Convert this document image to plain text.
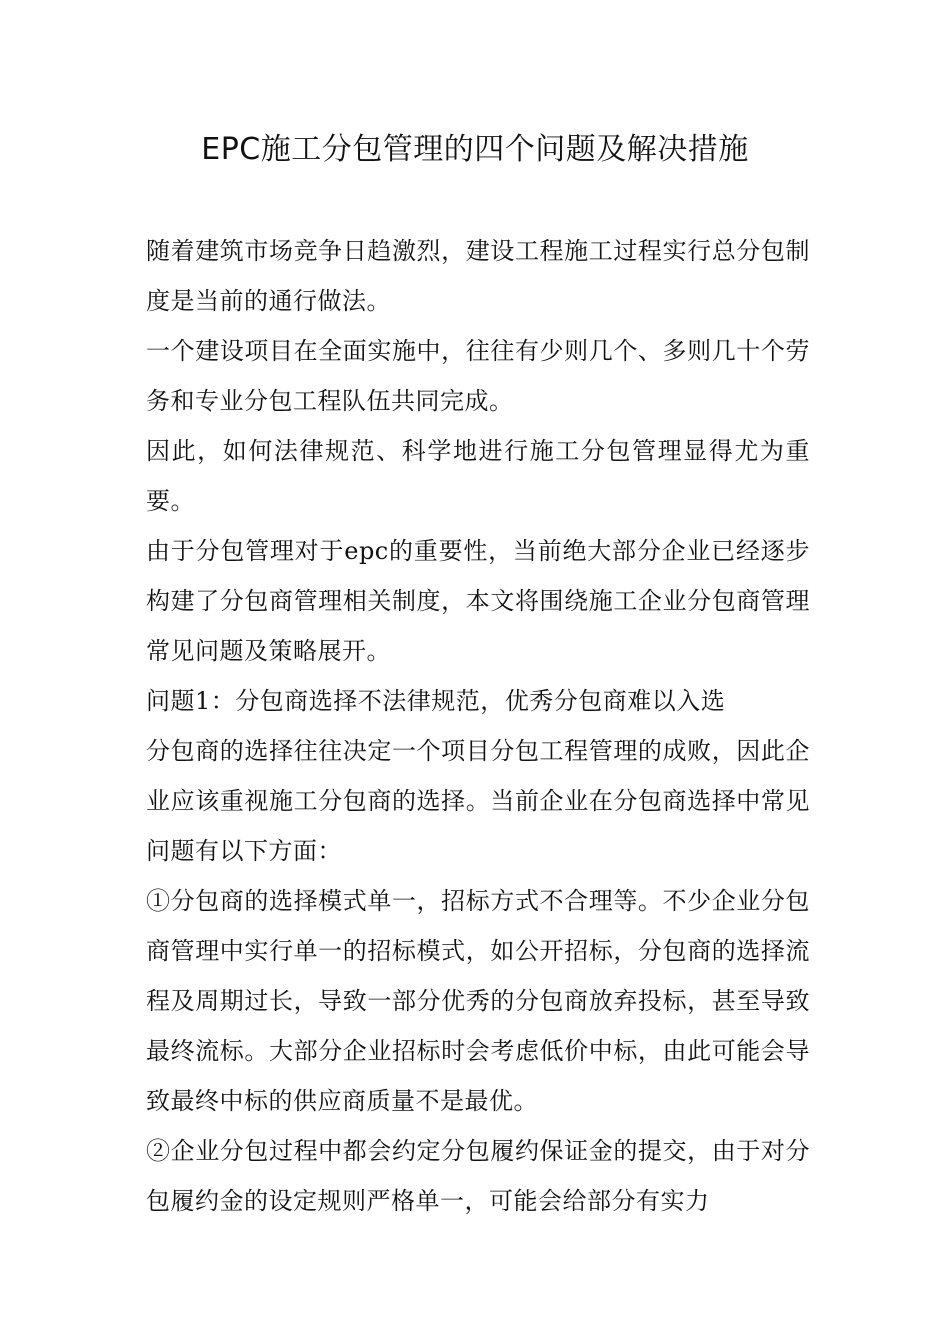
EPC施工分包管理的四个问题及解决措施

随着建筑市场竞争日趋激烈，建设工程施工过程实行总分包制度是当前的通行做法。

一个建设项目在全面实施中，往往有少则几个、多则几十个劳务和专业分包工程队伍共同完成。

因此，如何法律规范、科学地进行施工分包管理显得尤为重要。

由于分包管理对于epc的重要性，当前绝大部分企业已经逐步构建了分包商管理相关制度，本文将围绕施工企业分包商管理常见问题及策略展开。

问题1：分包商选择不法律规范，优秀分包商难以入选

分包商的选择往往决定一个项目分包工程管理的成败，因此企业应该重视施工分包商的选择。当前企业在分包商选择中常见问题有以下方面：

①分包商的选择模式单一，招标方式不合理等。不少企业分包商管理中实行单一的招标模式，如公开招标，分包商的选择流程及周期过长，导致一部分优秀的分包商放弃投标，甚至导致最终流标。大部分企业招标时会考虑低价中标，由此可能会导致最终中标的供应商质量不是最优。

②企业分包过程中都会约定分包履约保证金的提交，由于对分包履约金的设定规则严格单一，可能会给部分有实力
